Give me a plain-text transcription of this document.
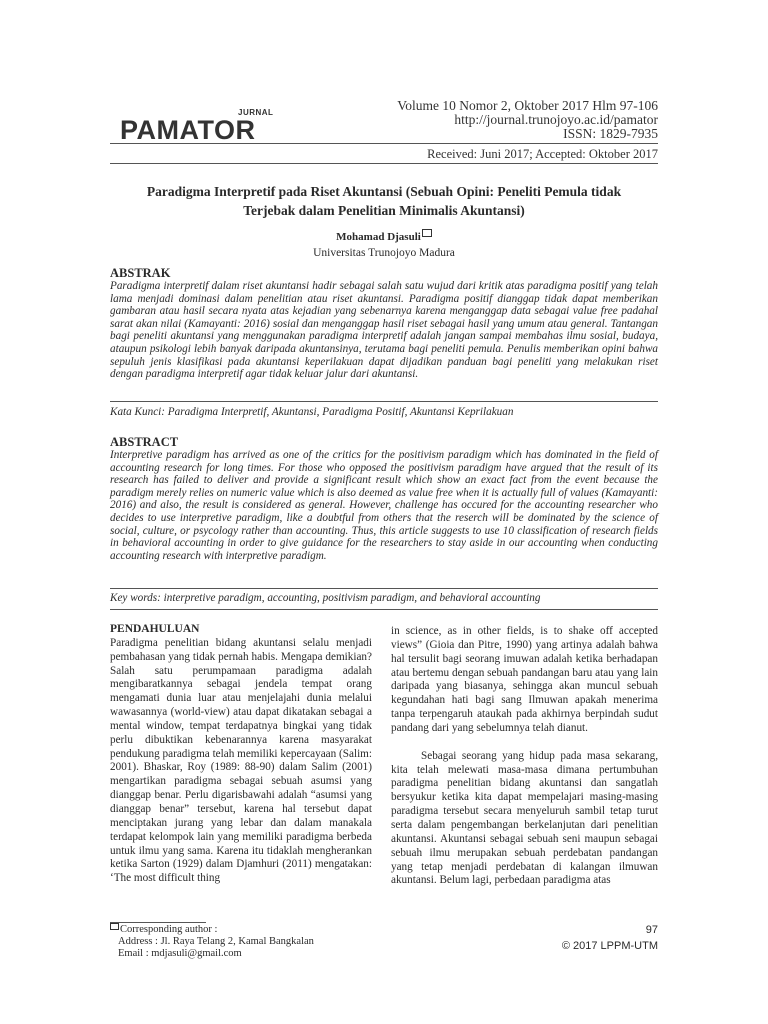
JURNAL
PAMATOR
Volume 10 Nomor 2, Oktober 2017 Hlm 97-106
http://journal.trunojoyo.ac.id/pamator
ISSN: 1829-7935
Received: Juni 2017; Accepted: Oktober 2017
Paradigma Interpretif pada Riset Akuntansi (Sebuah Opini: Peneliti Pemula tidak
Terjebak dalam Penelitian Minimalis Akuntansi)
Mohamad Djasuli
Universitas Trunojoyo Madura
ABSTRAK
Paradigma interpretif dalam riset akuntansi hadir sebagai salah satu wujud dari kritik atas paradigma positif yang telah lama menjadi dominasi dalam penelitian atau riset akuntansi. Paradigma positif dianggap tidak dapat memberikan gambaran atau hasil secara nyata atas kejadian yang sebenarnya karena menganggap data sebagai value free padahal sarat akan nilai (Kamayanti: 2016) sosial dan menganggap hasil riset sebagai hasil yang umum atau general. Tantangan bagi peneliti akuntansi yang menggunakan paradigma interpretif adalah jangan sampai membahas ilmu sosial, budaya, ataupun psikologi lebih banyak daripada akuntansinya, terutama bagi peneliti pemula. Penulis memberikan opini bahwa sepuluh jenis klasifikasi pada akuntansi keperilakuan dapat dijadikan panduan bagi peneliti yang melakukan riset dengan paradigma interpretif agar tidak keluar jalur dari akuntansi.
Kata Kunci: Paradigma Interpretif, Akuntansi, Paradigma Positif, Akuntansi Keprilakuan
ABSTRACT
Interpretive paradigm has arrived as one of the critics for the positivism paradigm which has dominated in the field of accounting research for long times. For those who opposed the positivism paradigm have argued that the result of its research has failed to deliver and provide a significant result which show an exact fact from the event because the paradigm merely relies on numeric value which is also deemed as value free when it is actually full of values (Kamayanti: 2016) and also, the result is considered as general. However, challenge has occured for the accounting researcher who decides to use interpretive paradigm, like a doubtful from others that the reserch will be dominated by the science of social, culture, or psycology rather than accounting. Thus, this article suggests to use 10 classification of research fields in behavioral accounting in order to give guidance for the researchers to stay aside in our accounting when conducting accounting research with interpretive paradigm.
Key words: interpretive paradigm, accounting, positivism paradigm, and behavioral accounting
PENDAHULUAN

Paradigma penelitian bidang akuntansi selalu menjadi pembahasan yang tidak pernah habis. Mengapa demikian? Salah satu perumpamaan paradigma adalah mengibaratkannya sebagai jendela tempat orang mengamati dunia luar atau menjelajahi dunia melalui wawasannya (world-view) atau dapat dikatakan sebagai a mental window, tempat terdapatnya bingkai yang tidak perlu dibuktikan kebenarannya karena masyarakat pendukung paradigma telah memiliki kepercayaan (Salim: 2001). Bhaskar, Roy (1989: 88-90) dalam Salim (2001) mengartikan paradigma sebagai sebuah asumsi yang dianggap benar. Perlu digarisbawahi adalah “asumsi yang dianggap benar” tersebut, karena hal tersebut dapat menciptakan jurang yang lebar dan dalam manakala terdapat kelompok lain yang memiliki paradigma berbeda untuk ilmu yang sama. Karena itu tidaklah mengherankan ketika Sarton (1929) dalam Djamhuri (2011) mengatakan: ‘The most difficult thing

in science, as in other fields, is to shake off accepted views” (Gioia dan Pitre, 1990) yang artinya adalah bahwa hal tersulit bagi seorang imuwan adalah ketika berhadapan atau bertemu dengan sebuah pandangan baru atau yang lain daripada yang biasanya, sehingga akan muncul sebuah kegundahan hati bagi sang Ilmuwan apakah menerima tanpa terpengaruh ataukah pada akhirnya berpindah sudut pandang dari yang sebelumnya telah dianut.

Sebagai seorang yang hidup pada masa sekarang, kita telah melewati masa-masa dimana pertumbuhan paradigma penelitian bidang akuntansi dan sangatlah bersyukur ketika kita dapat mempelajari masing-masing paradigma tersebut secara menyeluruh sambil tetap turut serta dalam pengembangan berkelanjutan dari penelitian akuntansi. Akuntansi sebagai sebuah seni maupun sebagai sebuah ilmu merupakan sebuah perdebatan pandangan yang tetap menjadi perdebatan di kalangan ilmuwan akuntansi. Belum lagi, perbedaan paradigma atas

Corresponding author :
Address : Jl. Raya Telang 2, Kamal Bangkalan
Email : mdjasuli@gmail.com
97
© 2017 LPPM-UTM
